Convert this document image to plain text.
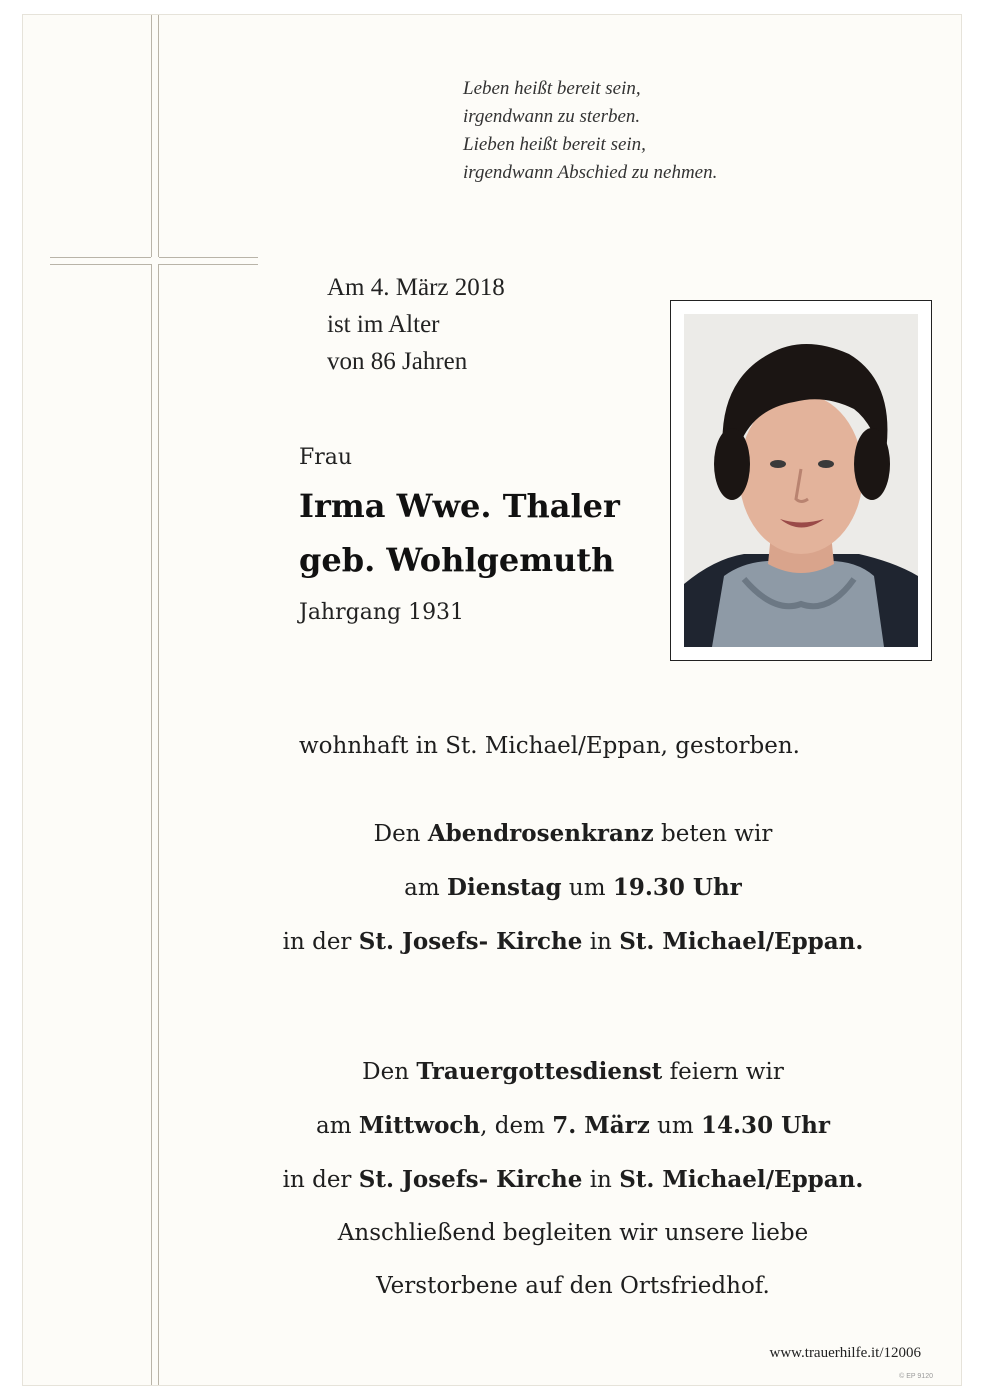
Leben heißt bereit sein,
irgendwann zu sterben.
Lieben heißt bereit sein,
irgendwann Abschied zu nehmen.
Am 4. März 2018
ist im Alter
von 86 Jahren
Frau
Irma Wwe. Thaler
geb. Wohlgemuth
Jahrgang 1931
wohnhaft in St. Michael/Eppan, gestorben.
Den Abendrosenkranz beten wir
am Dienstag um 19.30 Uhr
in der St. Josefs- Kirche in St. Michael/Eppan.
Den Trauergottesdienst feiern wir
am Mittwoch, dem 7. März um 14.30 Uhr
in der St. Josefs- Kirche in St. Michael/Eppan.
Anschließend begleiten wir unsere liebe
Verstorbene auf den Ortsfriedhof.
www.trauerhilfe.it/12006
© EP 9120
